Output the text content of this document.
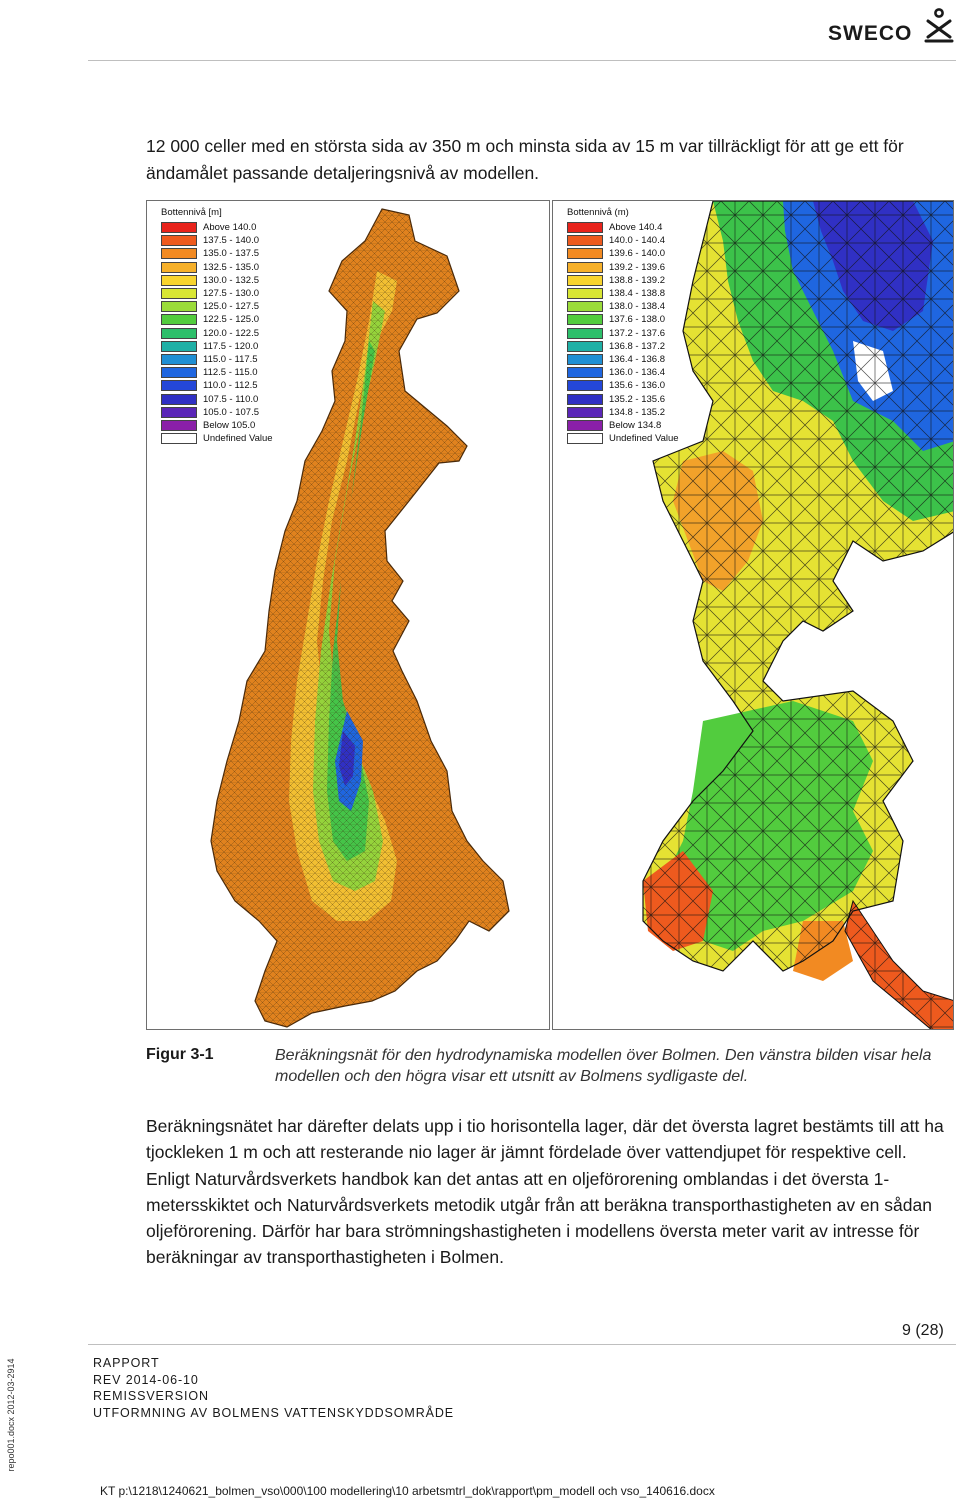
SWECO
12 000 celler med en största sida av 350 m och minsta sida av 15 m var tillräckligt för att ge ett för ändamålet passande detaljeringsnivå av modellen.
Bottennivå [m]
Above 140.0
137.5 - 140.0
135.0 - 137.5
132.5 - 135.0
130.0 - 132.5
127.5 - 130.0
125.0 - 127.5
122.5 - 125.0
120.0 - 122.5
117.5 - 120.0
115.0 - 117.5
112.5 - 115.0
110.0 - 112.5
107.5 - 110.0
105.0 - 107.5
Below 105.0
Undefined Value
Bottennivå (m)
Above 140.4
140.0 - 140.4
139.6 - 140.0
139.2 - 139.6
138.8 - 139.2
138.4 - 138.8
138.0 - 138.4
137.6 - 138.0
137.2 - 137.6
136.8 - 137.2
136.4 - 136.8
136.0 - 136.4
135.6 - 136.0
135.2 - 135.6
134.8 - 135.2
Below 134.8
Undefined Value
Figur 3-1	Beräkningsnät för den hydrodynamiska modellen över Bolmen. Den vänstra bilden visar hela modellen och den högra visar ett utsnitt av Bolmens sydligaste del.
Beräkningsnätet har därefter delats upp i tio horisontella lager, där det översta lagret bestämts till att ha tjockleken 1 m och att resterande nio lager är jämnt fördelade över vattendjupet för respektive cell. Enligt Naturvårdsverkets handbok kan det antas att en oljeförorening omblandas i det översta 1-metersskiktet och Naturvårdsverkets metodik utgår från att beräkna transporthastigheten av en sådan oljeförorening. Därför har bara strömningshastigheten i modellens översta meter varit av intresse för beräkningar av transporthastigheten i Bolmen.
9 (28)
RAPPORT
REV 2014-06-10
REMISSVERSION
UTFORMNING AV BOLMENS VATTENSKYDDSOMRÅDE
repo001.docx 2012-03-2914
KT p:\1218\1240621_bolmen_vso\000\100 modellering\10 arbetsmtrl_dok\rapport\pm_modell och vso_140616.docx
